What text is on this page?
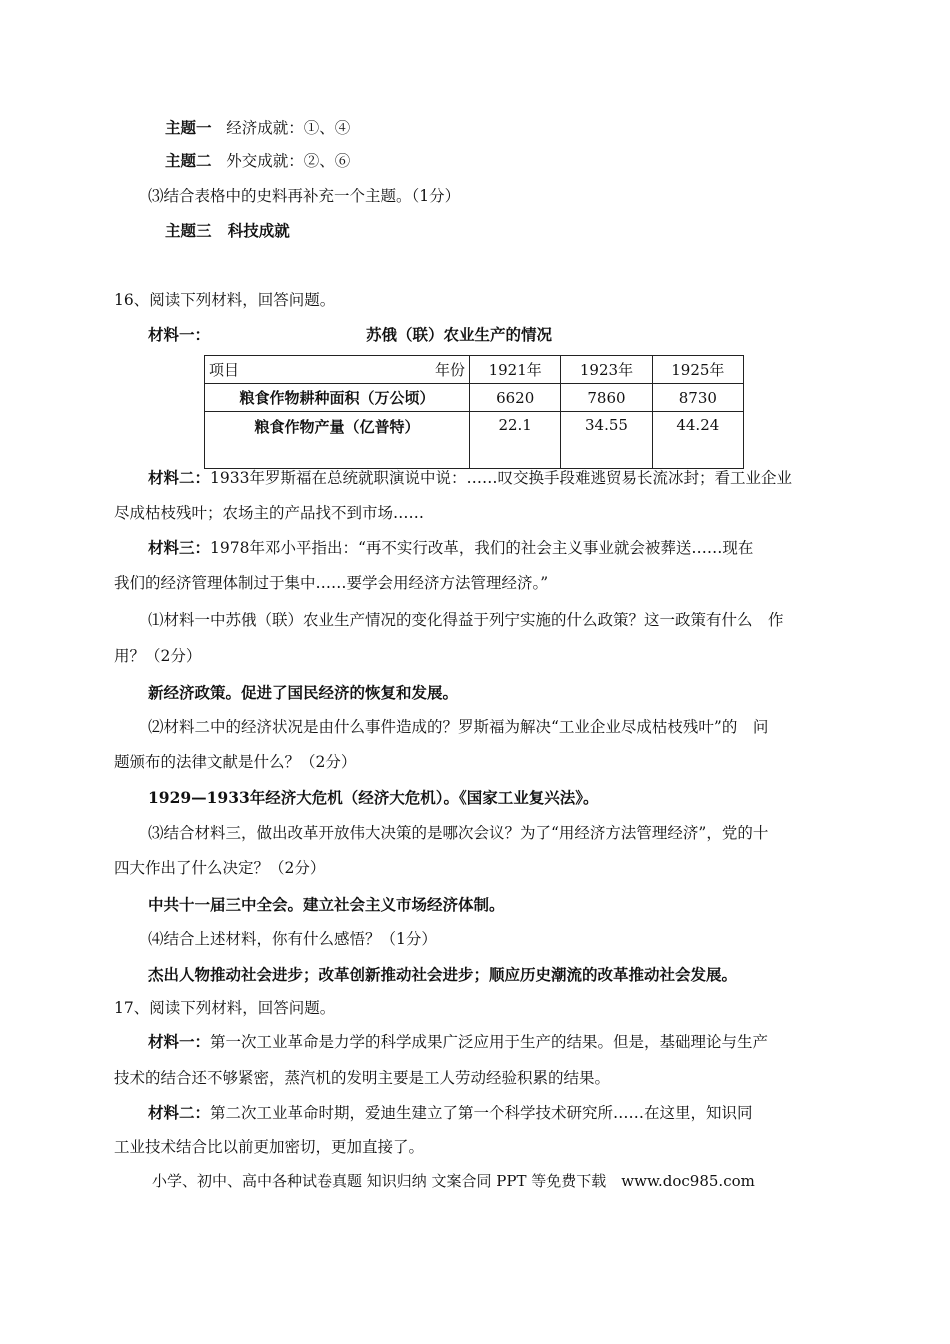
主题一 经济成就：①、④
主题二 外交成就：②、⑥
⑶结合表格中的史料再补充一个主题。（1分）
主题三 科技成就
16、阅读下列材料，回答问题。
材料一：	苏俄（联）农业生产的情况
项目 年份	1921年	1923年	1925年
粮食作物耕种面积（万公顷）	6620	7860	8730
粮食作物产量（亿普特）	22.1	34.55	44.24
材料二：1933年罗斯福在总统就职演说中说：……叹交换手段难逃贸易长流冰封；看工业企业
尽成枯枝残叶；农场主的产品找不到市场……
材料三：1978年邓小平指出：“再不实行改革，我们的社会主义事业就会被葬送……现在
我们的经济管理体制过于集中……要学会用经济方法管理经济。”
⑴材料一中苏俄（联）农业生产情况的变化得益于列宁实施的什么政策？这一政策有什么　作
用？（2分）
新经济政策。促进了国民经济的恢复和发展。
⑵材料二中的经济状况是由什么事件造成的？罗斯福为解决“工业企业尽成枯枝残叶”的　问
题颁布的法律文献是什么？（2分）
1929—1933年经济大危机（经济大危机）。《国家工业复兴法》。
⑶结合材料三，做出改革开放伟大决策的是哪次会议？为了“用经济方法管理经济”，党的十
四大作出了什么决定？（2分）
中共十一届三中全会。建立社会主义市场经济体制。
⑷结合上述材料，你有什么感悟？（1分）
杰出人物推动社会进步；改革创新推动社会进步；顺应历史潮流的改革推动社会发展。
17、阅读下列材料，回答问题。
材料一：第一次工业革命是力学的科学成果广泛应用于生产的结果。但是，基础理论与生产
技术的结合还不够紧密，蒸汽机的发明主要是工人劳动经验积累的结果。
材料二：第二次工业革命时期，爱迪生建立了第一个科学技术研究所……在这里，知识同
工业技术结合比以前更加密切，更加直接了。
小学、初中、高中各种试卷真题 知识归纳 文案合同 PPT 等免费下载　www.doc985.com
